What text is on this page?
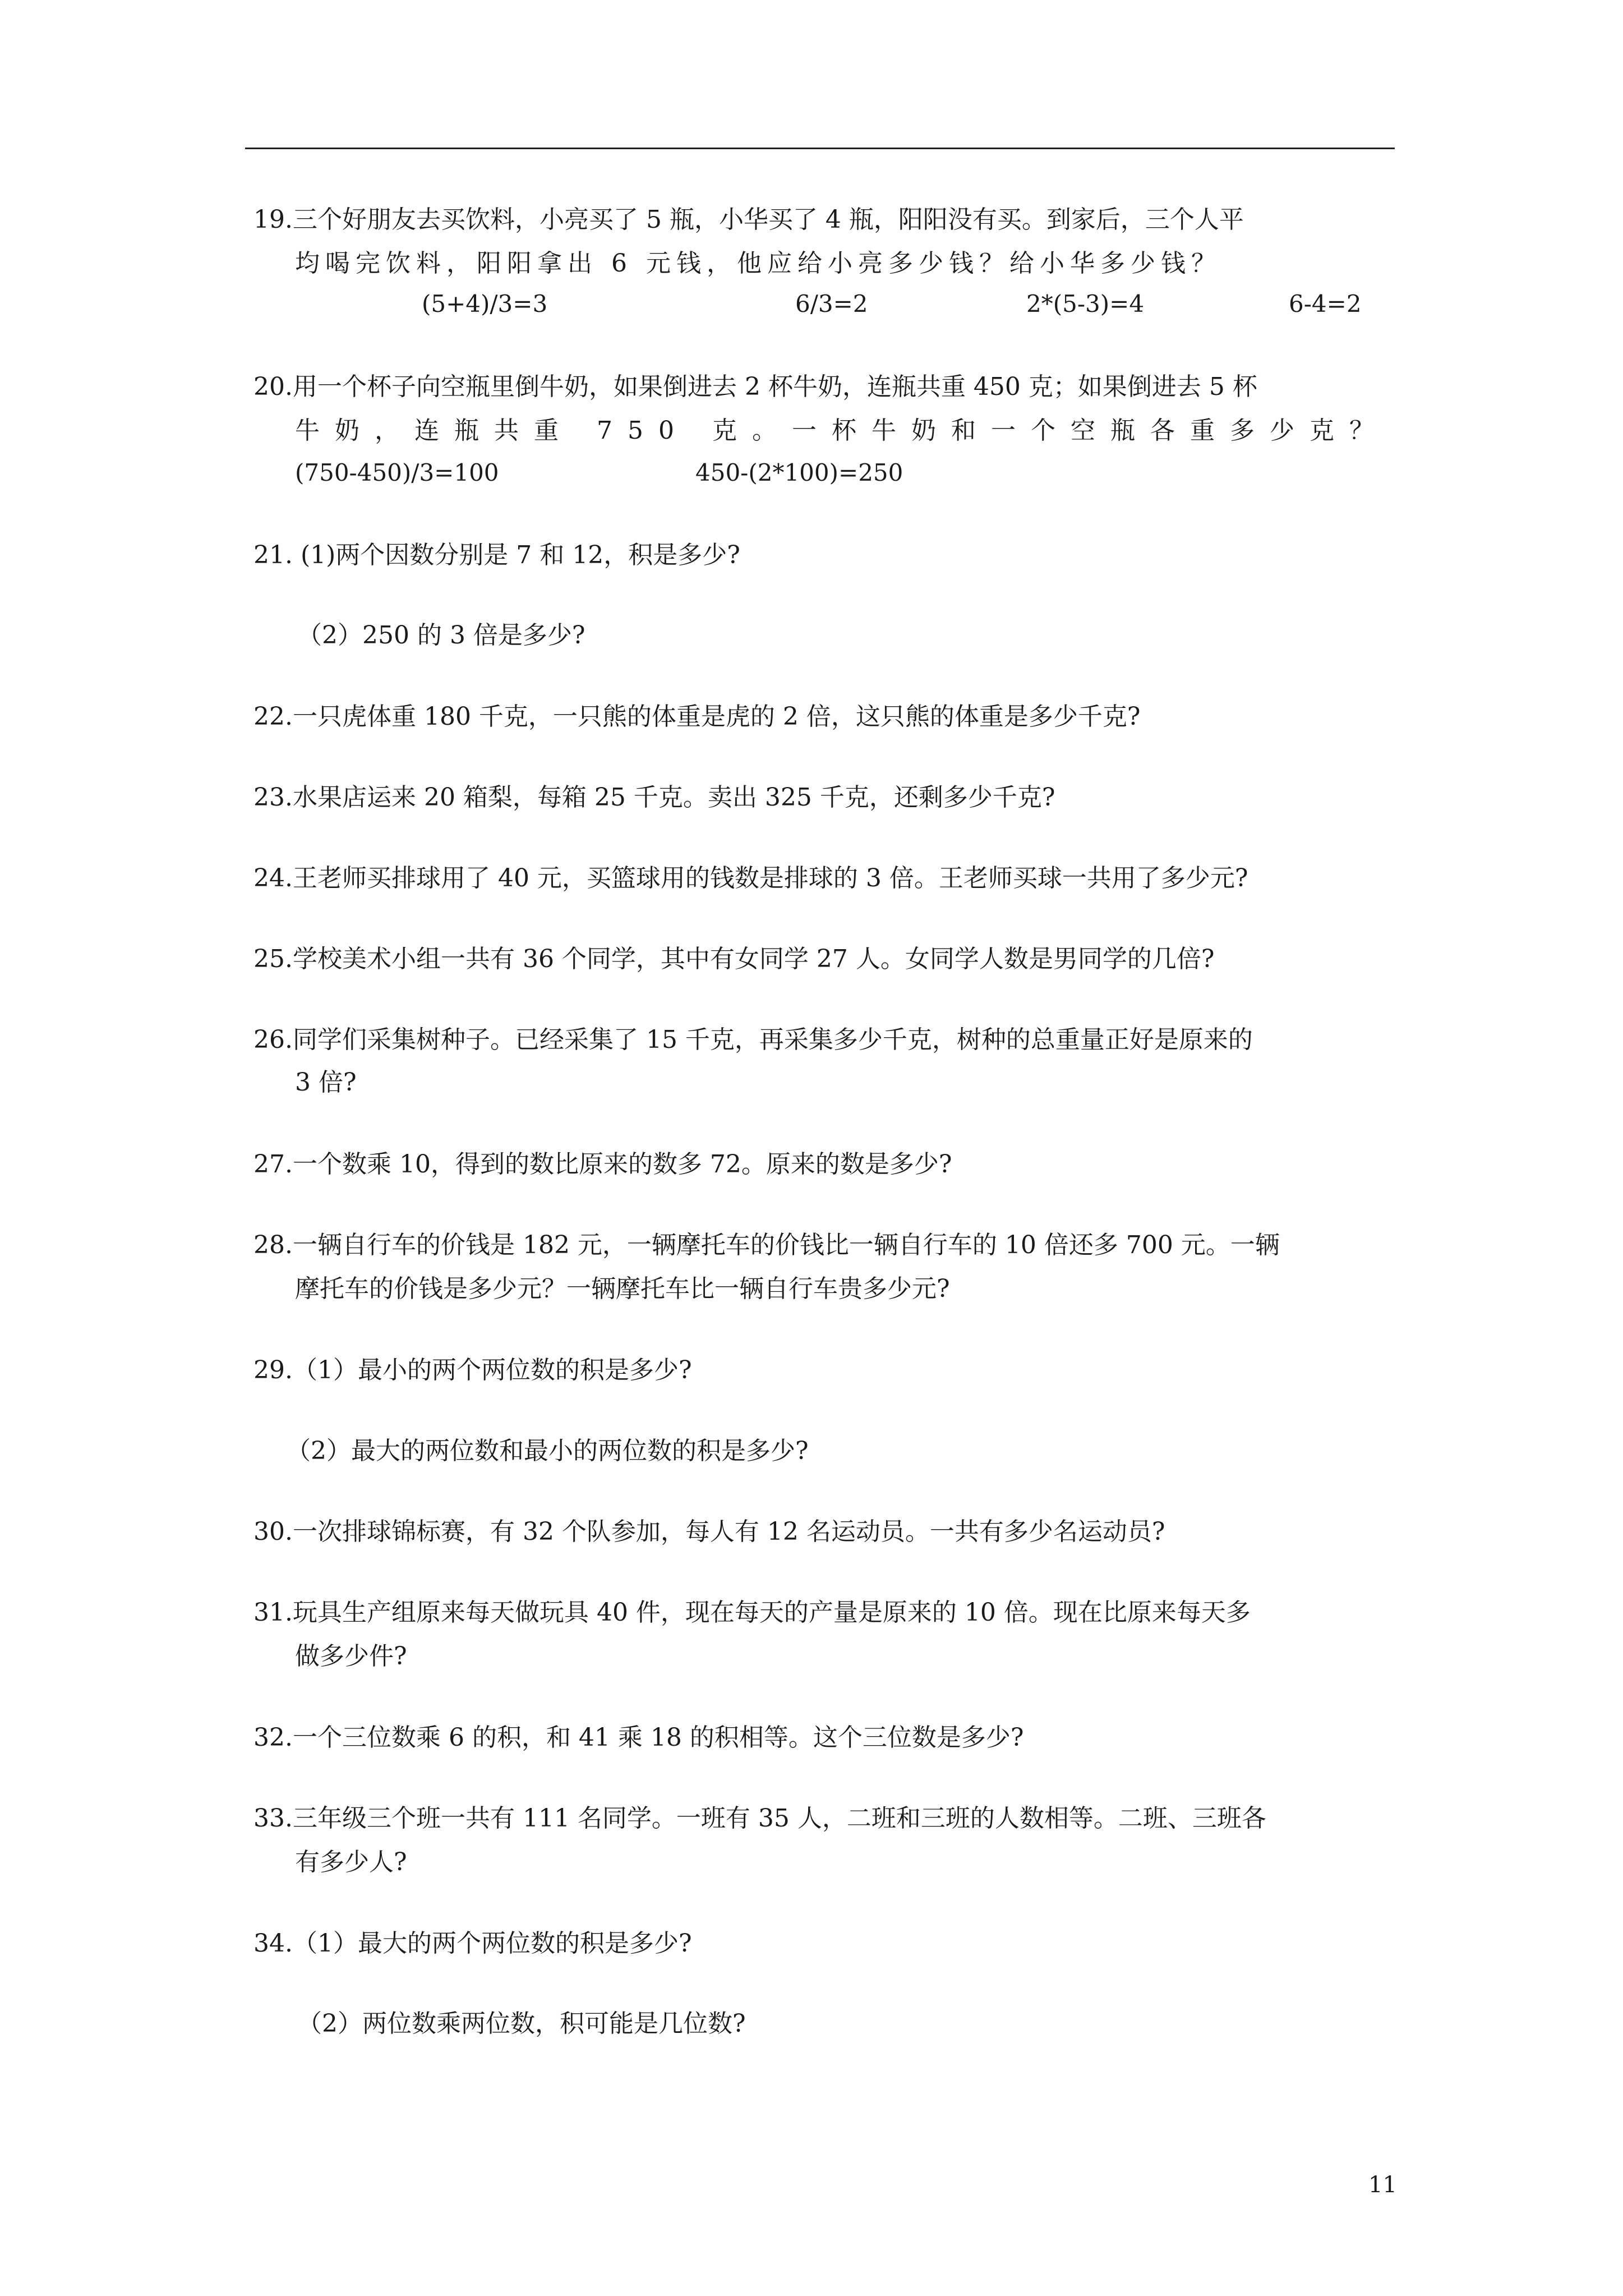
19.三个好朋友去买饮料，小亮买了 5 瓶，小华买了 4 瓶，阳阳没有买。到家后，三个人平
均喝完饮料，阳阳拿出 6 元钱，他应给小亮多少钱？给小华多少钱？
(5+4)/3=3	6/3=2	2*(5-3)=4	6-4=2
20.用一个杯子向空瓶里倒牛奶，如果倒进去 2 杯牛奶，连瓶共重 450 克；如果倒进去 5 杯
牛奶，连瓶共重 750 克。一杯牛奶和一个空瓶各重多少克？
(750-450)/3=100	450-(2*100)=250
21. (1)两个因数分别是 7 和 12，积是多少?
（2）250 的 3 倍是多少?
22.一只虎体重 180 千克，一只熊的体重是虎的 2 倍，这只熊的体重是多少千克?
23.水果店运来 20 箱梨，每箱 25 千克。卖出 325 千克，还剩多少千克?
24.王老师买排球用了 40 元，买篮球用的钱数是排球的 3 倍。王老师买球一共用了多少元?
25.学校美术小组一共有 36 个同学，其中有女同学 27 人。女同学人数是男同学的几倍?
26.同学们采集树种子。已经采集了 15 千克，再采集多少千克，树种的总重量正好是原来的
3 倍?
27.一个数乘 10，得到的数比原来的数多 72。原来的数是多少?
28.一辆自行车的价钱是 182 元，一辆摩托车的价钱比一辆自行车的 10 倍还多 700 元。一辆
摩托车的价钱是多少元？一辆摩托车比一辆自行车贵多少元?
29.（1）最小的两个两位数的积是多少?
（2）最大的两位数和最小的两位数的积是多少?
30.一次排球锦标赛，有 32 个队参加，每人有 12 名运动员。一共有多少名运动员?
31.玩具生产组原来每天做玩具 40 件，现在每天的产量是原来的 10 倍。现在比原来每天多
做多少件?
32.一个三位数乘 6 的积，和 41 乘 18 的积相等。这个三位数是多少?
33.三年级三个班一共有 111 名同学。一班有 35 人，二班和三班的人数相等。二班、三班各
有多少人?
34.（1）最大的两个两位数的积是多少?
（2）两位数乘两位数，积可能是几位数?
11
